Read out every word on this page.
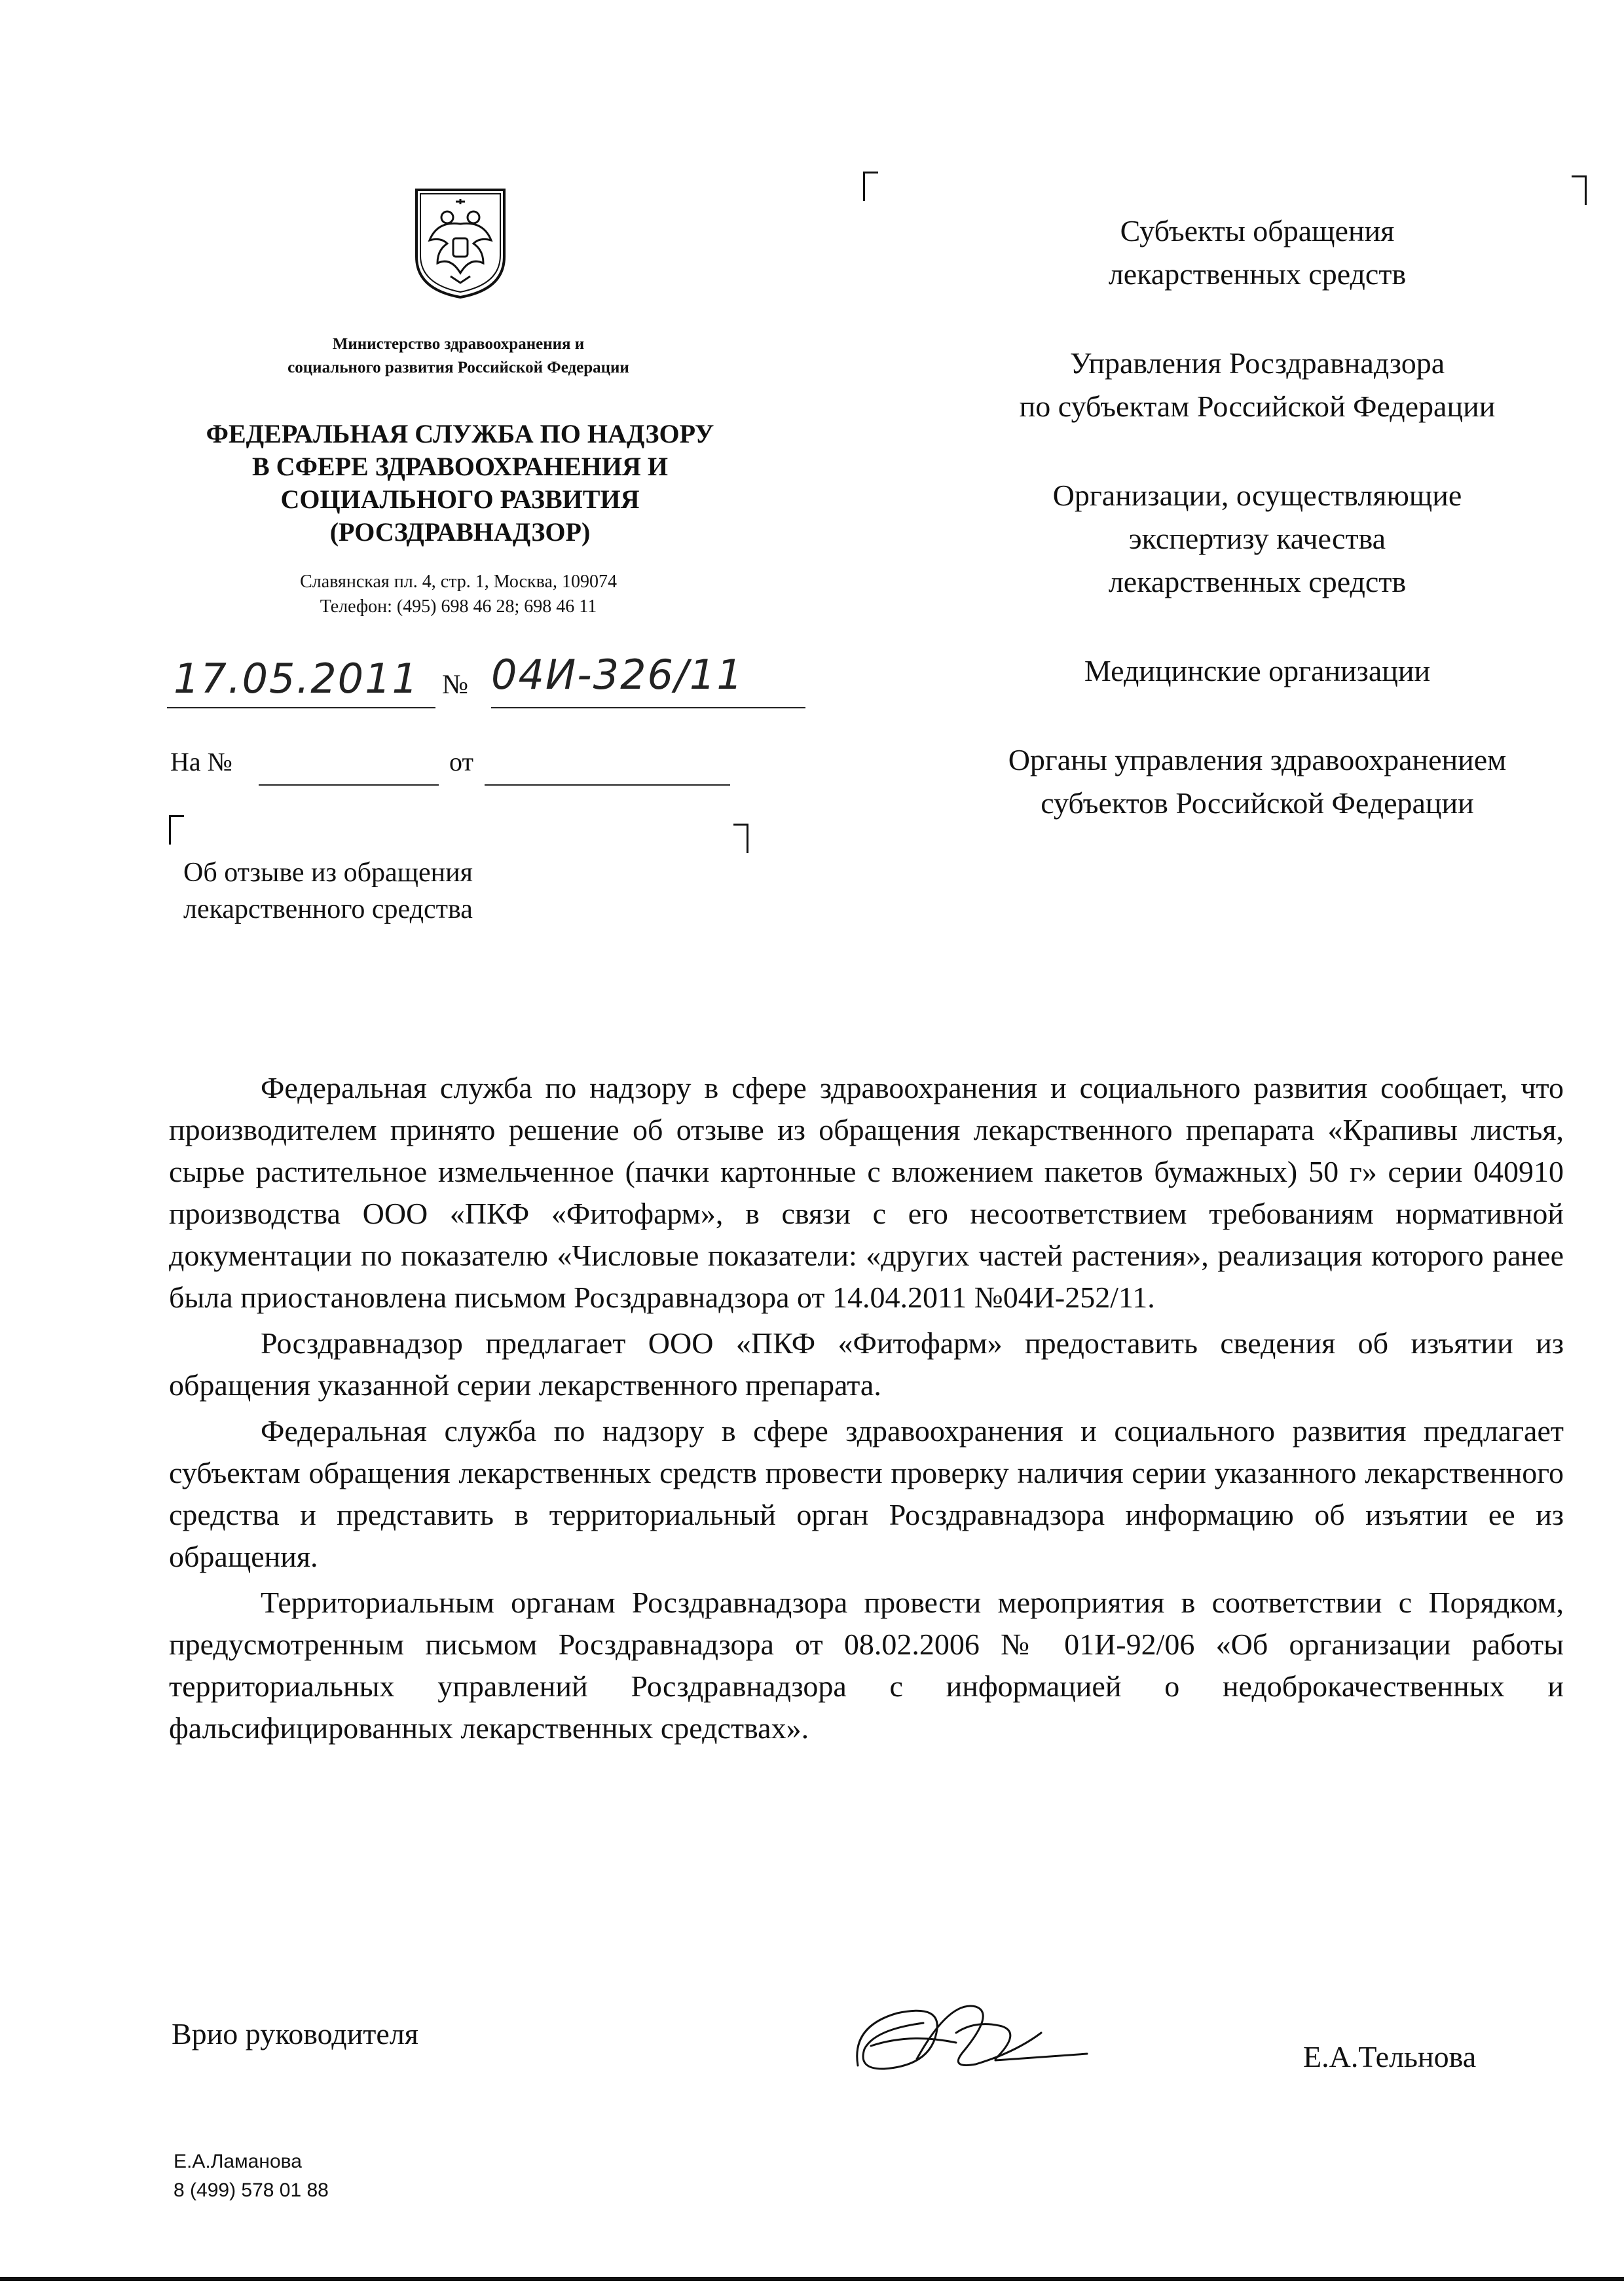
Министерство здравоохранения и
социального развития Российской Федерации
ФЕДЕРАЛЬНАЯ СЛУЖБА ПО НАДЗОРУ
В СФЕРЕ ЗДРАВООХРАНЕНИЯ И
СОЦИАЛЬНОГО РАЗВИТИЯ
(РОСЗДРАВНАДЗОР)
Славянская пл. 4, стр. 1, Москва, 109074
Телефон: (495) 698 46 28; 698 46 11
17.05.2011 № 04И-326/11
На №	от
Об отзыве из обращения
лекарственного средства

Субъекты обращения
лекарственных средств

Управления Росздравнадзора
по субъектам Российской Федерации

Организации, осуществляющие
экспертизу качества
лекарственных средств

Медицинские организации

Органы управления здравоохранением
субъектов Российской Федерации

Федеральная служба по надзору в сфере здравоохранения и социального развития сообщает, что производителем принято решение об отзыве из обращения лекарственного препарата «Крапивы листья, сырье растительное измельченное (пачки картонные с вложением пакетов бумажных) 50 г» серии 040910 производства ООО «ПКФ «Фитофарм», в связи с его несоответствием требованиям нормативной документации по показателю «Числовые показатели: «других частей растения», реализация которого ранее была приостановлена письмом Росздравнадзора от 14.04.2011 №04И-252/11.

Росздравнадзор предлагает ООО «ПКФ «Фитофарм» предоставить сведения об изъятии из обращения указанной серии лекарственного препарата.

Федеральная служба по надзору в сфере здравоохранения и социального развития предлагает субъектам обращения лекарственных средств провести проверку наличия серии указанного лекарственного средства и представить в территориальный орган Росздравнадзора информацию об изъятии ее из обращения.

Территориальным органам Росздравнадзора провести мероприятия в соответствии с Порядком, предусмотренным письмом Росздравнадзора от 08.02.2006 № 01И-92/06 «Об организации работы территориальных управлений Росздравнадзора с информацией о недоброкачественных и фальсифицированных лекарственных средствах».

Врио руководителя
Е.А.Тельнова
Е.А.Ламанова
8 (499) 578 01 88
